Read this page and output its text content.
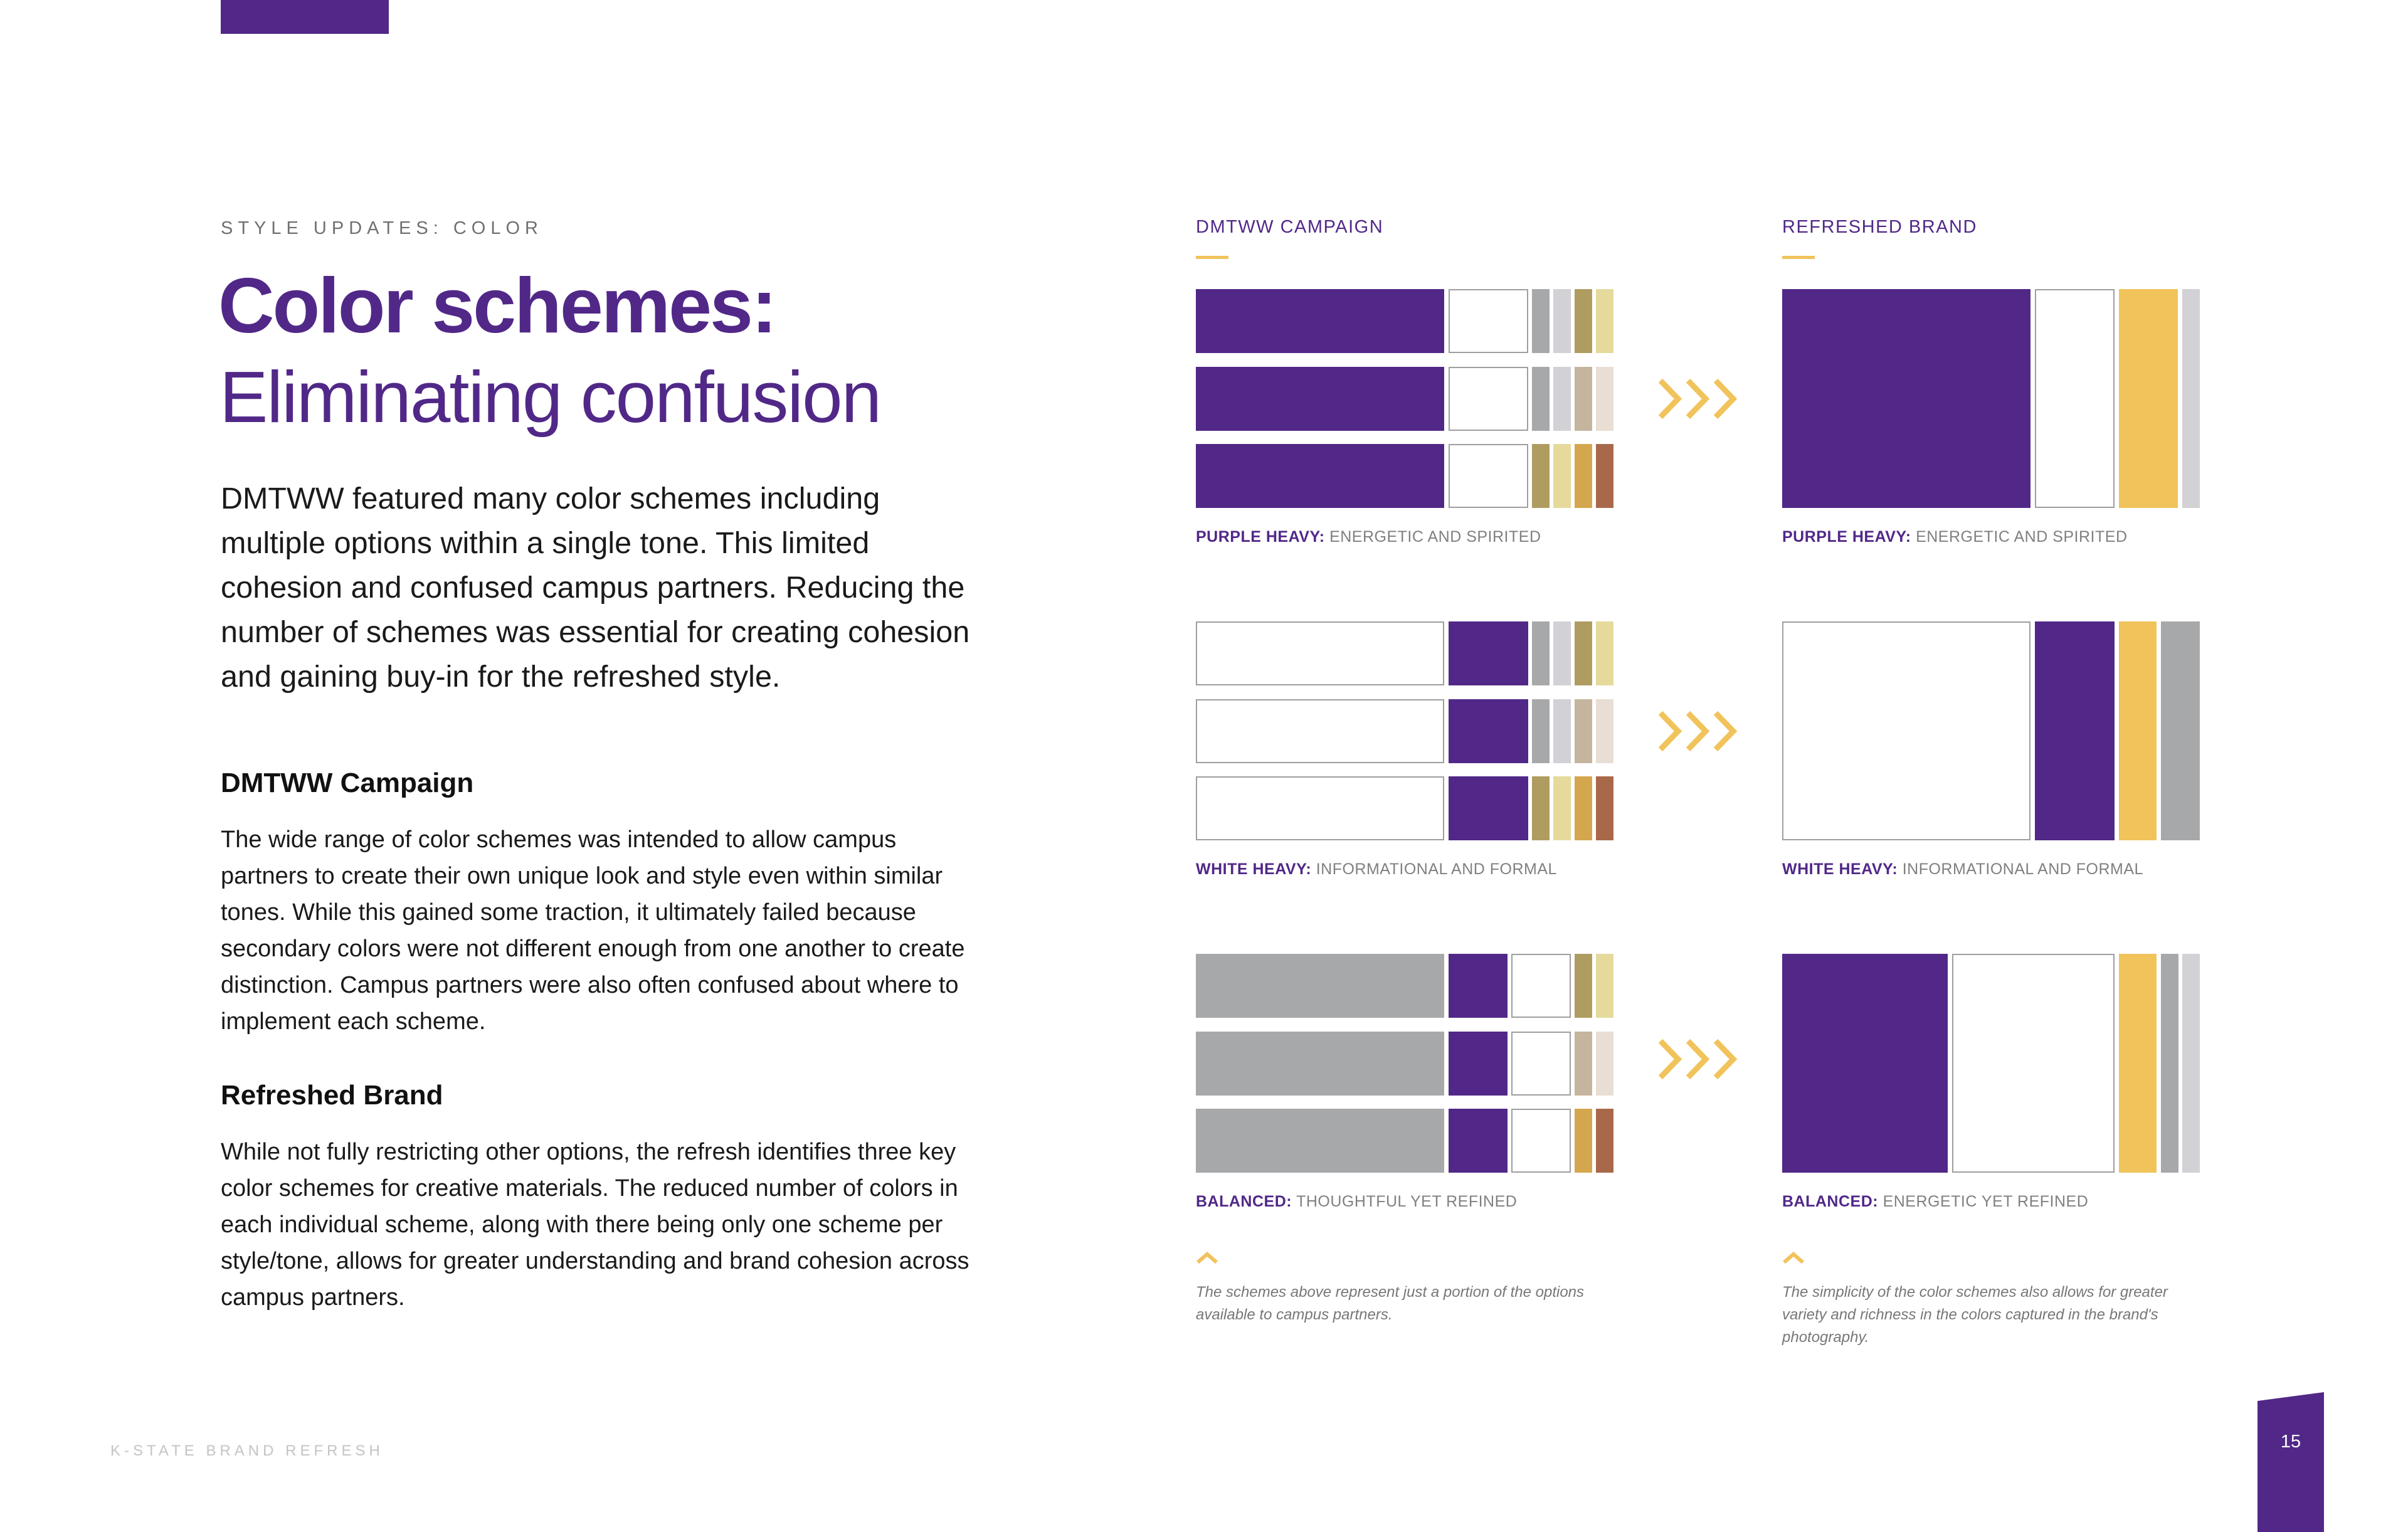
STYLE UPDATES: COLOR
Color schemes:
Eliminating confusion
DMTWW featured many color schemes including multiple options within a single tone. This limited cohesion and confused campus partners. Reducing the number of schemes was essential for creating cohesion and gaining buy-in for the refreshed style.
DMTWW Campaign
The wide range of color schemes was intended to allow campus partners to create their own unique look and style even within similar tones. While this gained some traction, it ultimately failed because secondary colors were not different enough from one another to create distinction. Campus partners were also often confused about where to implement each scheme.
Refreshed Brand
While not fully restricting other options, the refresh identifies three key color schemes for creative materials. The reduced number of colors in each individual scheme, along with there being only one scheme per style/tone, allows for greater understanding and brand cohesion across campus partners.
DMTWW CAMPAIGN	REFRESHED BRAND
PURPLE HEAVY: ENERGETIC AND SPIRITED	PURPLE HEAVY: ENERGETIC AND SPIRITED
WHITE HEAVY: INFORMATIONAL AND FORMAL	WHITE HEAVY: INFORMATIONAL AND FORMAL
BALANCED: THOUGHTFUL YET REFINED	BALANCED: ENERGETIC YET REFINED
The schemes above represent just a portion of the options available to campus partners.
The simplicity of the color schemes also allows for greater variety and richness in the colors captured in the brand's photography.
K-STATE BRAND REFRESH	15
